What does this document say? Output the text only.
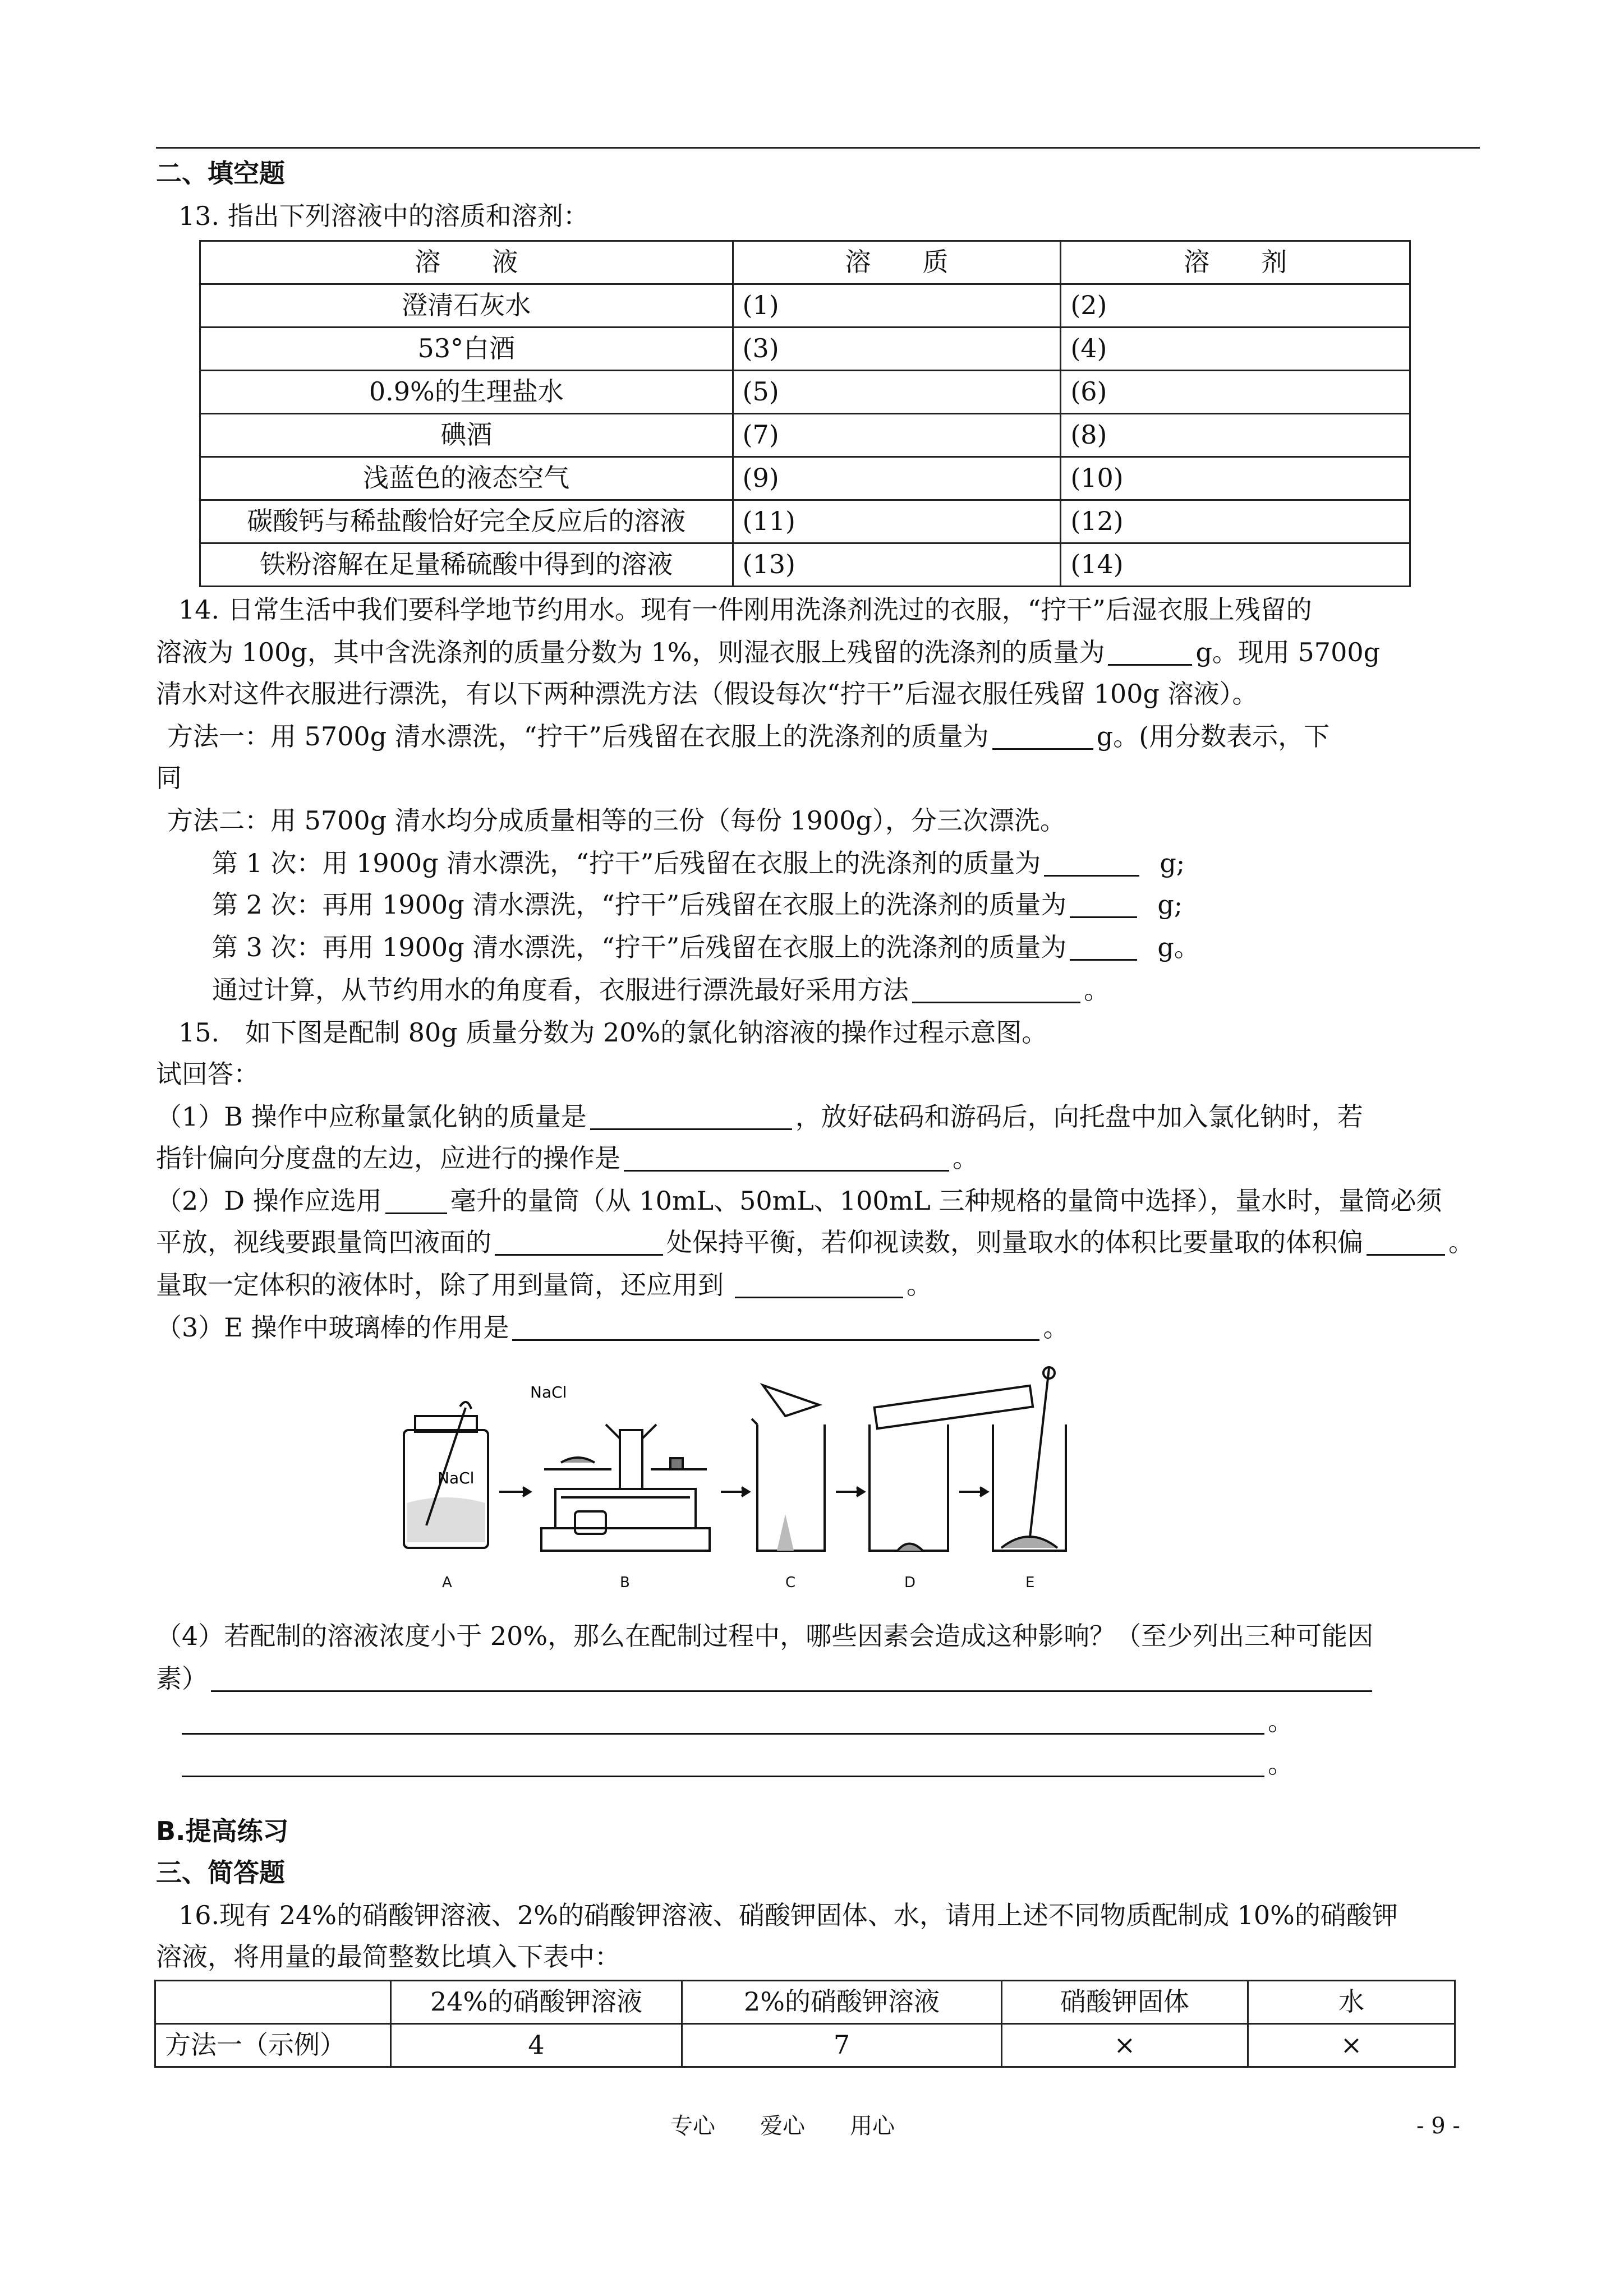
二、填空题
13. 指出下列溶液中的溶质和溶剂：
溶　　液	溶　　质	溶　　剂
澄清石灰水	(1)	(2)
53°白酒	(3)	(4)
0.9%的生理盐水	(5)	(6)
碘酒	(7)	(8)
浅蓝色的液态空气	(9)	(10)
碳酸钙与稀盐酸恰好完全反应后的溶液	(11)	(12)
铁粉溶解在足量稀硫酸中得到的溶液	(13)	(14)
14. 日常生活中我们要科学地节约用水。现有一件刚用洗涤剂洗过的衣服，“拧干”后湿衣服上残留的
溶液为 100g，其中含洗涤剂的质量分数为 1%，则湿衣服上残留的洗涤剂的质量为	g。现用 5700g
清水对这件衣服进行漂洗，有以下两种漂洗方法（假设每次“拧干”后湿衣服任残留 100g 溶液）。
方法一：用 5700g 清水漂洗，“拧干”后残留在衣服上的洗涤剂的质量为	g。(用分数表示，下
同
方法二：用 5700g 清水均分成质量相等的三份（每份 1900g），分三次漂洗。
第 1 次：用 1900g 清水漂洗，“拧干”后残留在衣服上的洗涤剂的质量为	g;
第 2 次：再用 1900g 清水漂洗，“拧干”后残留在衣服上的洗涤剂的质量为	g;
第 3 次：再用 1900g 清水漂洗，“拧干”后残留在衣服上的洗涤剂的质量为	g。
通过计算，从节约用水的角度看，衣服进行漂洗最好采用方法	。
15.　如下图是配制 80g 质量分数为 20%的氯化钠溶液的操作过程示意图。
试回答：
（1）B 操作中应称量氯化钠的质量是	，放好砝码和游码后，向托盘中加入氯化钠时，若
指针偏向分度盘的左边，应进行的操作是	。
（2）D 操作应选用	毫升的量筒（从 10mL、50mL、100mL 三种规格的量筒中选择），量水时，量筒必须
平放，视线要跟量筒凹液面的	处保持平衡，若仰视读数，则量取水的体积比要量取的体积偏	。
量取一定体积的液体时，除了用到量筒，还应用到	。
（3）E 操作中玻璃棒的作用是	。
NaCl
NaCl
A	B	C	D	E
（4）若配制的溶液浓度小于 20%，那么在配制过程中，哪些因素会造成这种影响？（至少列出三种可能因
素）
。
。
B.提高练习
三、简答题
16.现有 24%的硝酸钾溶液、2%的硝酸钾溶液、硝酸钾固体、水，请用上述不同物质配制成 10%的硝酸钾
溶液，将用量的最简整数比填入下表中：
	24%的硝酸钾溶液	2%的硝酸钾溶液	硝酸钾固体	水
方法一（示例）	4	7	×	×
专心　　爱心　　用心	- 9 -
